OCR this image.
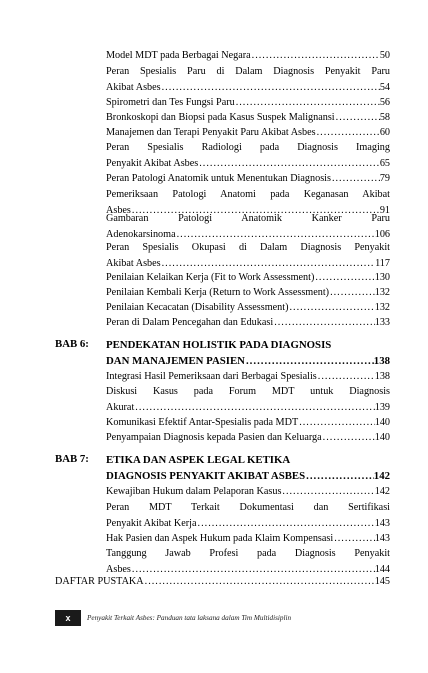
Model MDT pada Berbagai Negara .....	50
Peran Spesialis Paru di Dalam Diagnosis Penyakit Paru
Akibat Asbes .....	54
Spirometri dan Tes Fungsi Paru .....	56
Bronkoskopi dan Biopsi pada Kasus Suspek Malignansi .....	58
Manajemen dan Terapi Penyakit Paru Akibat Asbes .....	60
Peran Spesialis Radiologi pada Diagnosis Imaging
Penyakit Akibat Asbes .....	65
Peran Patologi Anatomik untuk Menentukan Diagnosis .....	79
Pemeriksaan Patologi Anatomi pada Keganasan Akibat
Asbes .....	91
Gambaran Patologi Anatomik Kanker Paru
Adenokarsinoma .....	106
Peran Spesialis Okupasi di Dalam Diagnosis Penyakit
Akibat Asbes .....	117
Penilaian Kelaikan Kerja (Fit to Work Assessment) .....	130
Penilaian Kembali Kerja (Return to Work Assessment) .....	132
Penilaian Kecacatan (Disability Assessment) .....	132
Peran di Dalam Pencegahan dan Edukasi .....	133
BAB 6: PENDEKATAN HOLISTIK PADA DIAGNOSIS
DAN MANAJEMEN PASIEN .....	138
Integrasi Hasil Pemeriksaan dari Berbagai Spesialis .....	138
Diskusi Kasus pada Forum MDT untuk Diagnosis
Akurat .....	139
Komunikasi Efektif Antar-Spesialis pada MDT .....	140
Penyampaian Diagnosis kepada Pasien dan Keluarga .....	140
BAB 7: ETIKA DAN ASPEK LEGAL KETIKA
DIAGNOSIS PENYAKIT AKIBAT ASBES .....	142
Kewajiban Hukum dalam Pelaporan Kasus .....	142
Peran MDT Terkait Dokumentasi dan Sertifikasi
Penyakit Akibat Kerja .....	143
Hak Pasien dan Aspek Hukum pada Klaim Kompensasi .....	143
Tanggung Jawab Profesi pada Diagnosis Penyakit
Asbes .....	144
DAFTAR PUSTAKA .....	145
x	Penyakit Terkait Asbes: Panduan tata laksana dalam Tim Multidisiplin
